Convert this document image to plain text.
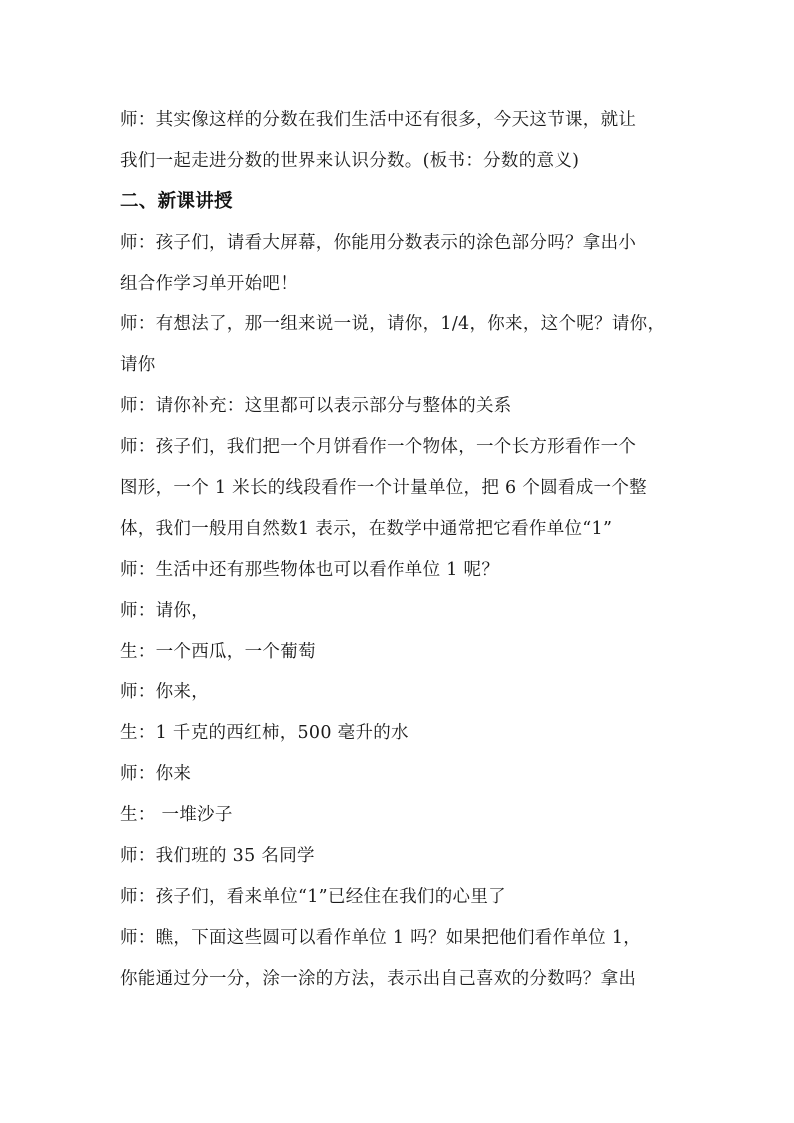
师：其实像这样的分数在我们生活中还有很多，今天这节课，就让
我们一起走进分数的世界来认识分数。(板书：分数的意义)
二、新课讲授
师：孩子们，请看大屏幕，你能用分数表示的涂色部分吗？拿出小
组合作学习单开始吧！
师：有想法了，那一组来说一说，请你，1/4，你来，这个呢？请你，
请你
师：请你补充：这里都可以表示部分与整体的关系
师：孩子们，我们把一个月饼看作一个物体，一个长方形看作一个
图形，一个 1 米长的线段看作一个计量单位，把 6 个圆看成一个整
体，我们一般用自然数1 表示，在数学中通常把它看作单位“1”
师：生活中还有那些物体也可以看作单位 1 呢？
师：请你，
生：一个西瓜，一个葡萄
师：你来，
生：1 千克的西红柿，500 毫升的水
师：你来
生： 一堆沙子
师：我们班的 35 名同学
师：孩子们，看来单位“1”已经住在我们的心里了
师：瞧，下面这些圆可以看作单位 1 吗？如果把他们看作单位 1，
你能通过分一分，涂一涂的方法，表示出自己喜欢的分数吗？拿出
